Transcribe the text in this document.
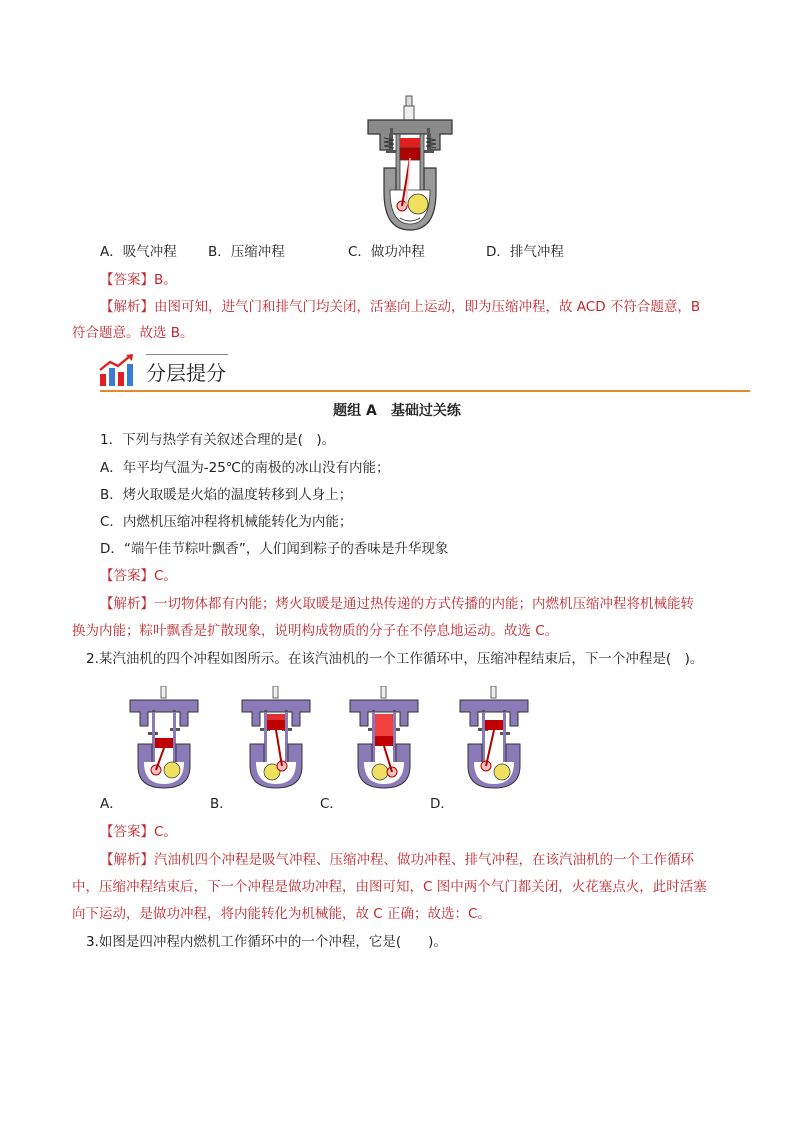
A．吸气冲程 B．压缩冲程	C．做功冲程	D．排气冲程
【答案】B。
【解析】由图可知，进气门和排气门均关闭，活塞向上运动，即为压缩冲程，故 ACD 不符合题意，B
符合题意。故选 B。
分层提分
题组 A　基础过关练
1．下列与热学有关叙述合理的是(　)。
A．年平均气温为-25℃的南极的冰山没有内能；
B．烤火取暖是火焰的温度转移到人身上；
C．内燃机压缩冲程将机械能转化为内能；
D．“端午佳节粽叶飘香”，人们闻到粽子的香味是升华现象
【答案】C。
【解析】一切物体都有内能；烤火取暖是通过热传递的方式传播的内能；内燃机压缩冲程将机械能转
换为内能；粽叶飘香是扩散现象，说明构成物质的分子在不停息地运动。故选 C。
2.某汽油机的四个冲程如图所示。在该汽油机的一个工作循环中，压缩冲程结束后，下一个冲程是(　)。
A．	B．	C．	D．
【答案】C。
【解析】汽油机四个冲程是吸气冲程、压缩冲程、做功冲程、排气冲程，在该汽油机的一个工作循环
中，压缩冲程结束后，下一个冲程是做功冲程，由图可知，C 图中两个气门都关闭，火花塞点火，此时活塞
向下运动，是做功冲程，将内能转化为机械能，故 C 正确；故选：C。
3.如图是四冲程内燃机工作循环中的一个冲程，它是(　　)。
